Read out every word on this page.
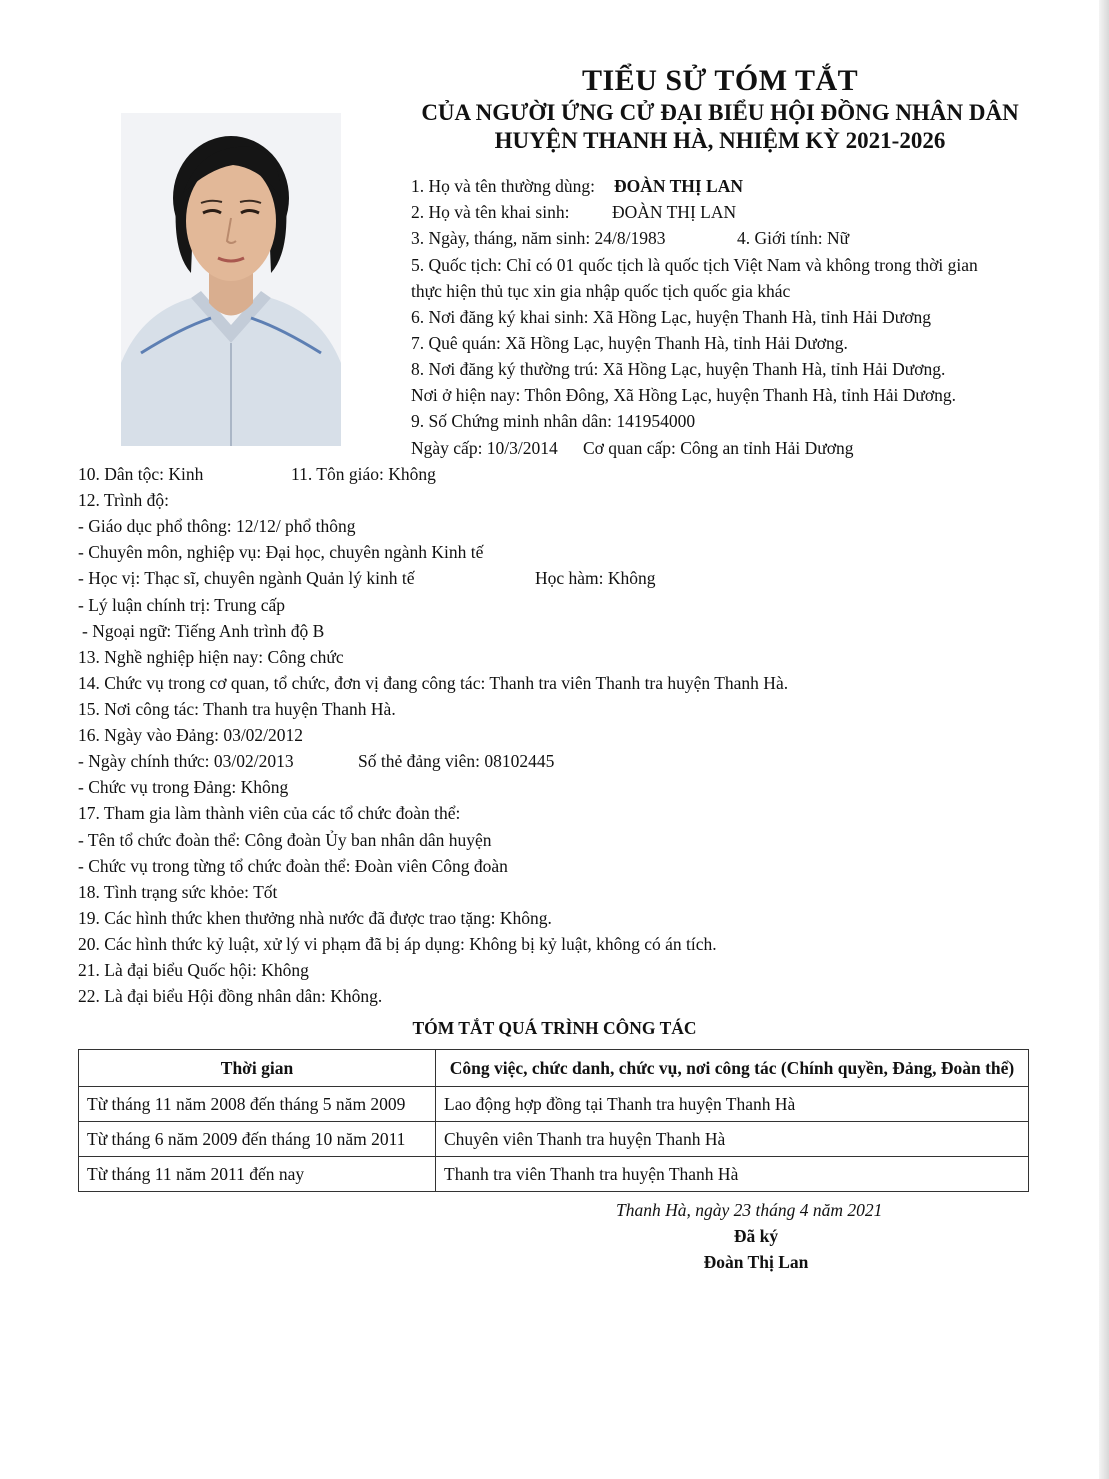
TIỂU SỬ TÓM TẮT
CỦA NGƯỜI ỨNG CỬ ĐẠI BIỂU HỘI ĐỒNG NHÂN DÂN
HUYỆN THANH HÀ, NHIỆM KỲ 2021-2026
1. Họ và tên thường dùng: ĐOÀN THỊ LAN
2. Họ và tên khai sinh: ĐOÀN THỊ LAN
3. Ngày, tháng, năm sinh: 24/8/1983	4. Giới tính: Nữ
5. Quốc tịch: Chỉ có 01 quốc tịch là quốc tịch Việt Nam và không trong thời gian
thực hiện thủ tục xin gia nhập quốc tịch quốc gia khác
6. Nơi đăng ký khai sinh: Xã Hồng Lạc, huyện Thanh Hà, tỉnh Hải Dương
7. Quê quán: Xã Hồng Lạc, huyện Thanh Hà, tỉnh Hải Dương.
8. Nơi đăng ký thường trú: Xã Hồng Lạc, huyện Thanh Hà, tỉnh Hải Dương.
Nơi ở hiện nay: Thôn Đông, Xã Hồng Lạc, huyện Thanh Hà, tỉnh Hải Dương.
9. Số Chứng minh nhân dân: 141954000
Ngày cấp: 10/3/2014 Cơ quan cấp: Công an tỉnh Hải Dương
10. Dân tộc: Kinh	11. Tôn giáo: Không
12. Trình độ:
- Giáo dục phổ thông: 12/12/ phổ thông
- Chuyên môn, nghiệp vụ: Đại học, chuyên ngành Kinh tế
- Học vị: Thạc sĩ, chuyên ngành Quản lý kinh tế	Học hàm: Không
- Lý luận chính trị: Trung cấp
- Ngoại ngữ: Tiếng Anh trình độ B
13. Nghề nghiệp hiện nay: Công chức
14. Chức vụ trong cơ quan, tổ chức, đơn vị đang công tác: Thanh tra viên Thanh tra huyện Thanh Hà.
15. Nơi công tác: Thanh tra huyện Thanh Hà.
16. Ngày vào Đảng: 03/02/2012
- Ngày chính thức: 03/02/2013	Số thẻ đảng viên: 08102445
- Chức vụ trong Đảng: Không
17. Tham gia làm thành viên của các tổ chức đoàn thể:
- Tên tổ chức đoàn thể: Công đoàn Ủy ban nhân dân huyện
- Chức vụ trong từng tổ chức đoàn thể: Đoàn viên Công đoàn
18. Tình trạng sức khỏe: Tốt
19. Các hình thức khen thưởng nhà nước đã được trao tặng: Không.
20. Các hình thức kỷ luật, xử lý vi phạm đã bị áp dụng: Không bị kỷ luật, không có án tích.
21. Là đại biểu Quốc hội: Không
22. Là đại biểu Hội đồng nhân dân: Không.
TÓM TẮT QUÁ TRÌNH CÔNG TÁC
Thời gian	Công việc, chức danh, chức vụ, nơi công tác (Chính quyền, Đảng, Đoàn thể)
Từ tháng 11 năm 2008 đến tháng 5 năm 2009	Lao động hợp đồng tại Thanh tra huyện Thanh Hà
Từ tháng 6 năm 2009 đến tháng 10 năm 2011	Chuyên viên Thanh tra huyện Thanh Hà
Từ tháng 11 năm 2011 đến nay	Thanh tra viên Thanh tra huyện Thanh Hà
Thanh Hà, ngày 23 tháng 4 năm 2021
Đã ký
Đoàn Thị Lan
